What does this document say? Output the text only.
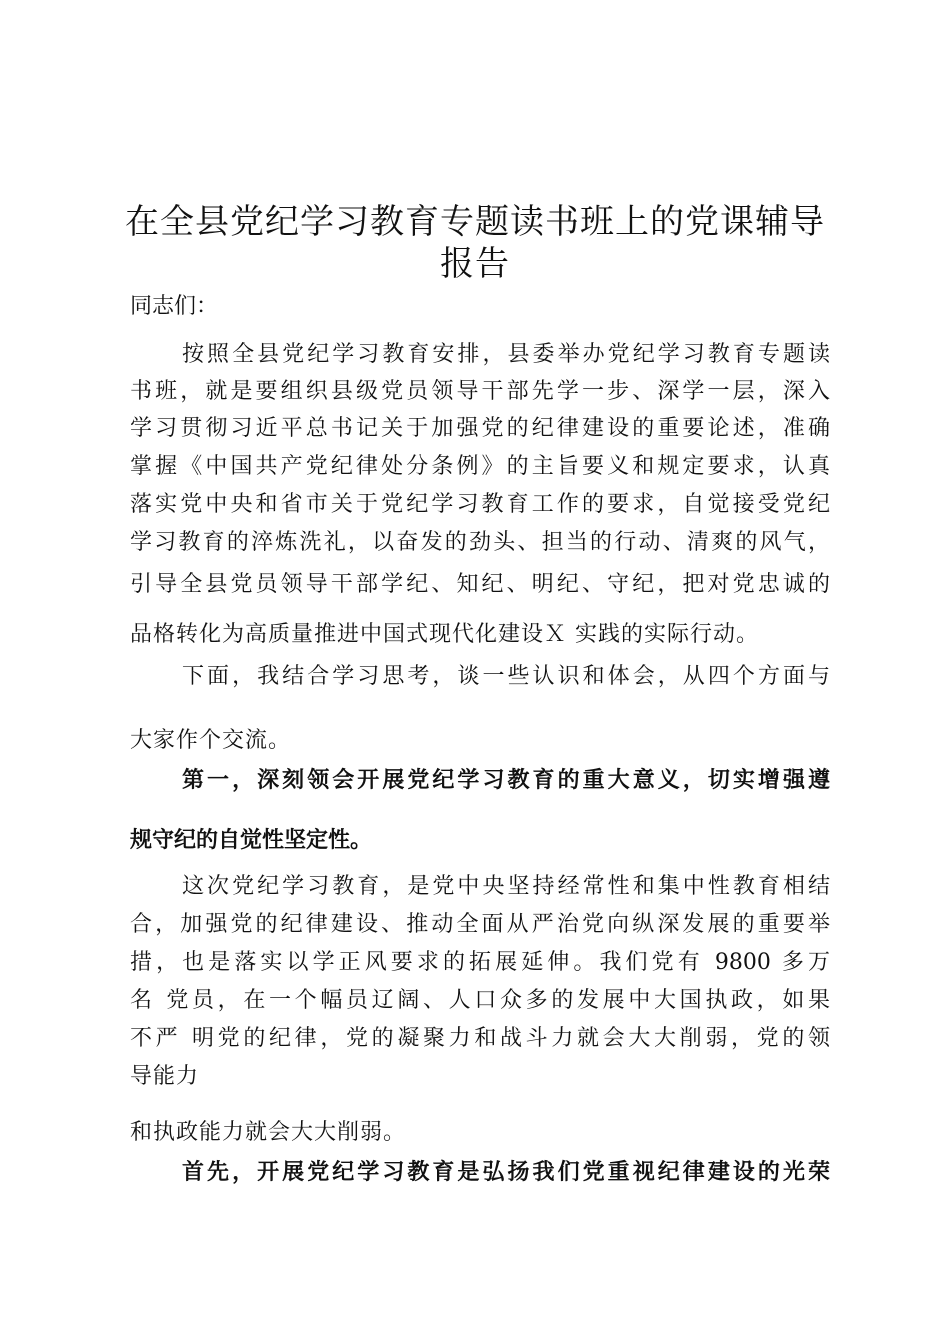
在全县党纪学习教育专题读书班上的党课辅导
报告

同志们：

按照全县党纪学习教育安排，县委举办党纪学习教育专题读

书班，就是要组织县级党员领导干部先学一步、深学一层，深入

学习贯彻习近平总书记关于加强党的纪律建设的重要论述，准确

掌握《中国共产党纪律处分条例》的主旨要义和规定要求，认真

落实党中央和省市关于党纪学习教育工作的要求，自觉接受党纪

学习教育的淬炼洗礼，以奋发的劲头、担当的行动、清爽的风气，

引导全县党员领导干部学纪、知纪、明纪、守纪，把对党忠诚的

品格转化为高质量推进中国式现代化建设Ｘ 实践的实际行动。

下面，我结合学习思考，谈一些认识和体会，从四个方面与

大家作个交流。

第一，深刻领会开展党纪学习教育的重大意义，切实增强遵

规守纪的自觉性坚定性。

这次党纪学习教育，是党中央坚持经常性和集中性教育相结

合，加强党的纪律建设、推动全面从严治党向纵深发展的重要举

措，也是落实以学正风要求的拓展延伸。我们党有 9800 多万

名 党员，在一个幅员辽阔、人口众多的发展中大国执政，如果

不严 明党的纪律，党的凝聚力和战斗力就会大大削弱，党的领

导能力

和执政能力就会大大削弱。

首先，开展党纪学习教育是弘扬我们党重视纪律建设的光荣
